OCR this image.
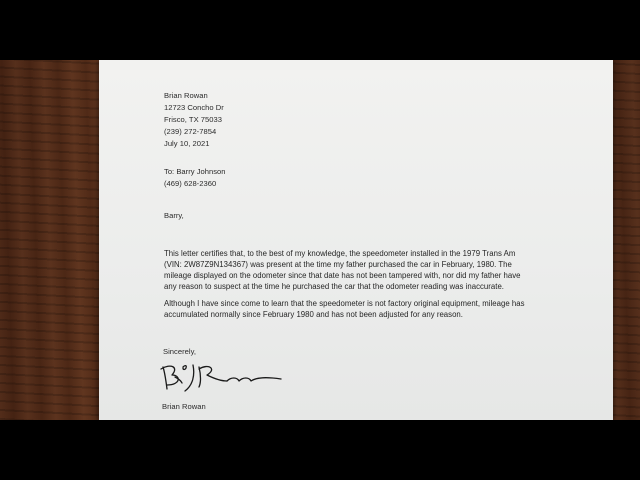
Brian Rowan
12723 Concho Dr
Frisco, TX 75033
(239) 272-7854
July 10, 2021
To: Barry Johnson
(469) 628-2360
Barry,
This letter certifies that, to the best of my knowledge, the speedometer installed in the 1979 Trans Am
(VIN: 2W87Z9N134367) was present at the time my father purchased the car in February, 1980. The
mileage displayed on the odometer since that date has not been tampered with, nor did my father have
any reason to suspect at the time he purchased the car that the odometer reading was inaccurate.
Although I have since come to learn that the speedometer is not factory original equipment, mileage has
accumulated normally since February 1980 and has not been adjusted for any reason.
Sincerely,
Brian Rowan
